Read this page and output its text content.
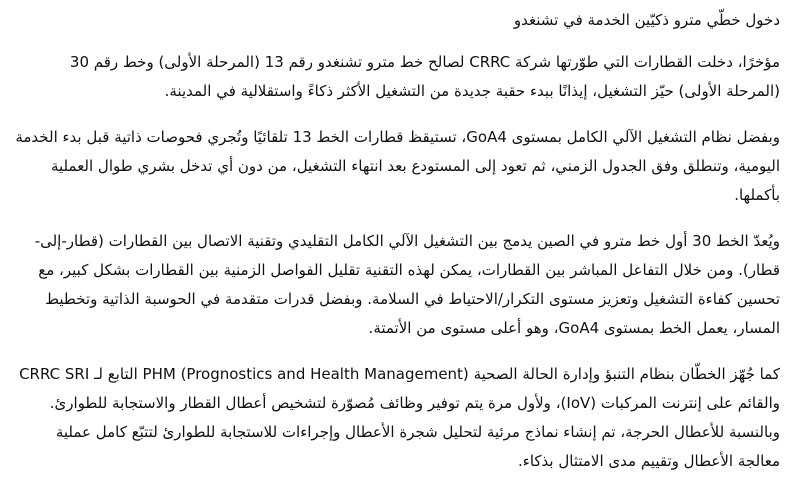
دخول خطّي مترو ذكيّين الخدمة في تشنغدو

مؤخرًا، دخلت القطارات التي طوّرتها شركة CRRC لصالح خط مترو تشنغدو رقم 13 (المرحلة الأولى) وخط رقم 30 (المرحلة الأولى) حيّز التشغيل، إيذانًا ببدء حقبة جديدة من التشغيل الأكثر ذكاءً واستقلالية في المدينة.

وبفضل نظام التشغيل الآلي الكامل بمستوى GoA4، تستيقظ قطارات الخط 13 تلقائيًا وتُجري فحوصات ذاتية قبل بدء الخدمة اليومية، وتنطلق وفق الجدول الزمني، ثم تعود إلى المستودع بعد انتهاء التشغيل، من دون أي تدخل بشري طوال العملية بأكملها.

ويُعدّ الخط 30 أول خط مترو في الصين يدمج بين التشغيل الآلي الكامل التقليدي وتقنية الاتصال بين القطارات (قطار-إلى-قطار). ومن خلال التفاعل المباشر بين القطارات، يمكن لهذه التقنية تقليل الفواصل الزمنية بين القطارات بشكل كبير، مع تحسين كفاءة التشغيل وتعزيز مستوى التكرار/الاحتياط في السلامة. وبفضل قدرات متقدمة في الحوسبة الذاتية وتخطيط المسار، يعمل الخط بمستوى GoA4، وهو أعلى مستوى من الأتمتة.

كما جُهّز الخطّان بنظام التنبؤ وإدارة الحالة الصحية PHM (Prognostics and Health Management) التابع لـ CRRC SRI والقائم على إنترنت المركبات (IoV)، ولأول مرة يتم توفير وظائف مُصوّرة لتشخيص أعطال القطار والاستجابة للطوارئ. وبالنسبة للأعطال الحرجة، تم إنشاء نماذج مرئية لتحليل شجرة الأعطال وإجراءات للاستجابة للطوارئ لتتبّع كامل عملية معالجة الأعطال وتقييم مدى الامتثال بذكاء.
